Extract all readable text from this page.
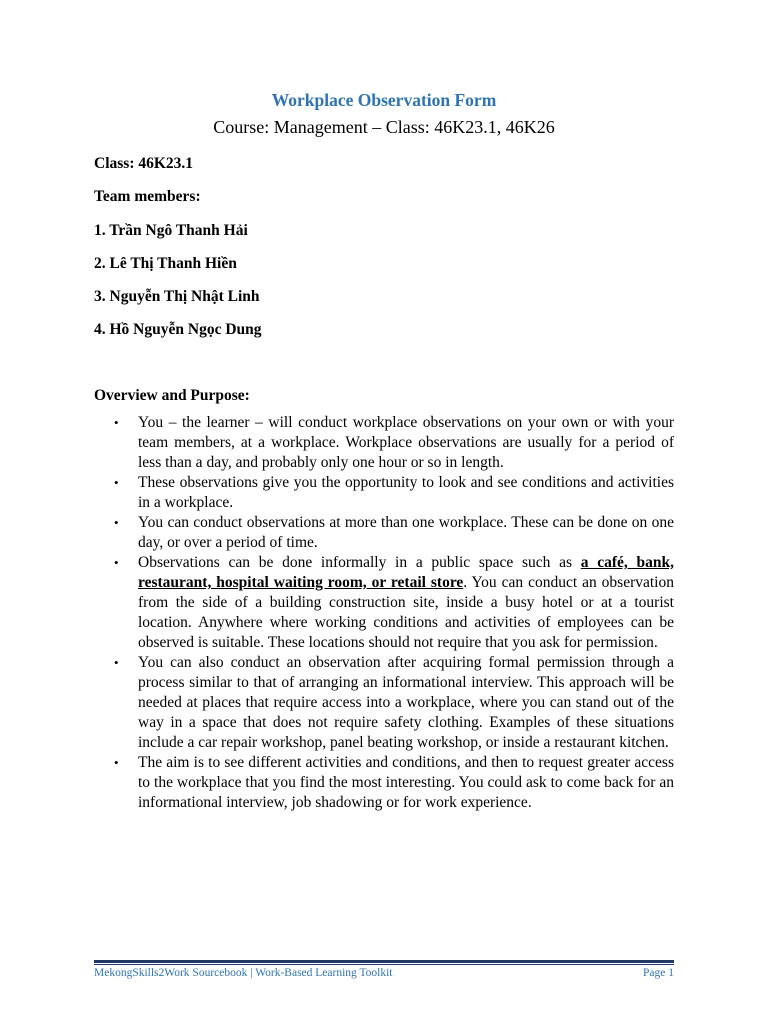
Workplace Observation Form
Course: Management – Class: 46K23.1, 46K26
Class: 46K23.1
Team members:
1. Trần Ngô Thanh Hải
2. Lê Thị Thanh Hiền
3. Nguyễn Thị Nhật Linh
4. Hồ Nguyễn Ngọc Dung
Overview and Purpose:
• You – the learner – will conduct workplace observations on your own or with your team members, at a workplace. Workplace observations are usually for a period of less than a day, and probably only one hour or so in length.
• These observations give you the opportunity to look and see conditions and activities in a workplace.
• You can conduct observations at more than one workplace. These can be done on one day, or over a period of time.
• Observations can be done informally in a public space such as a café, bank, restaurant, hospital waiting room, or retail store. You can conduct an observation from the side of a building construction site, inside a busy hotel or at a tourist location. Anywhere where working conditions and activities of employees can be observed is suitable. These locations should not require that you ask for permission.
• You can also conduct an observation after acquiring formal permission through a process similar to that of arranging an informational interview. This approach will be needed at places that require access into a workplace, where you can stand out of the way in a space that does not require safety clothing. Examples of these situations include a car repair workshop, panel beating workshop, or inside a restaurant kitchen.
• The aim is to see different activities and conditions, and then to request greater access to the workplace that you find the most interesting. You could ask to come back for an informational interview, job shadowing or for work experience.
MekongSkills2Work Sourcebook | Work-Based Learning Toolkit	Page 1
